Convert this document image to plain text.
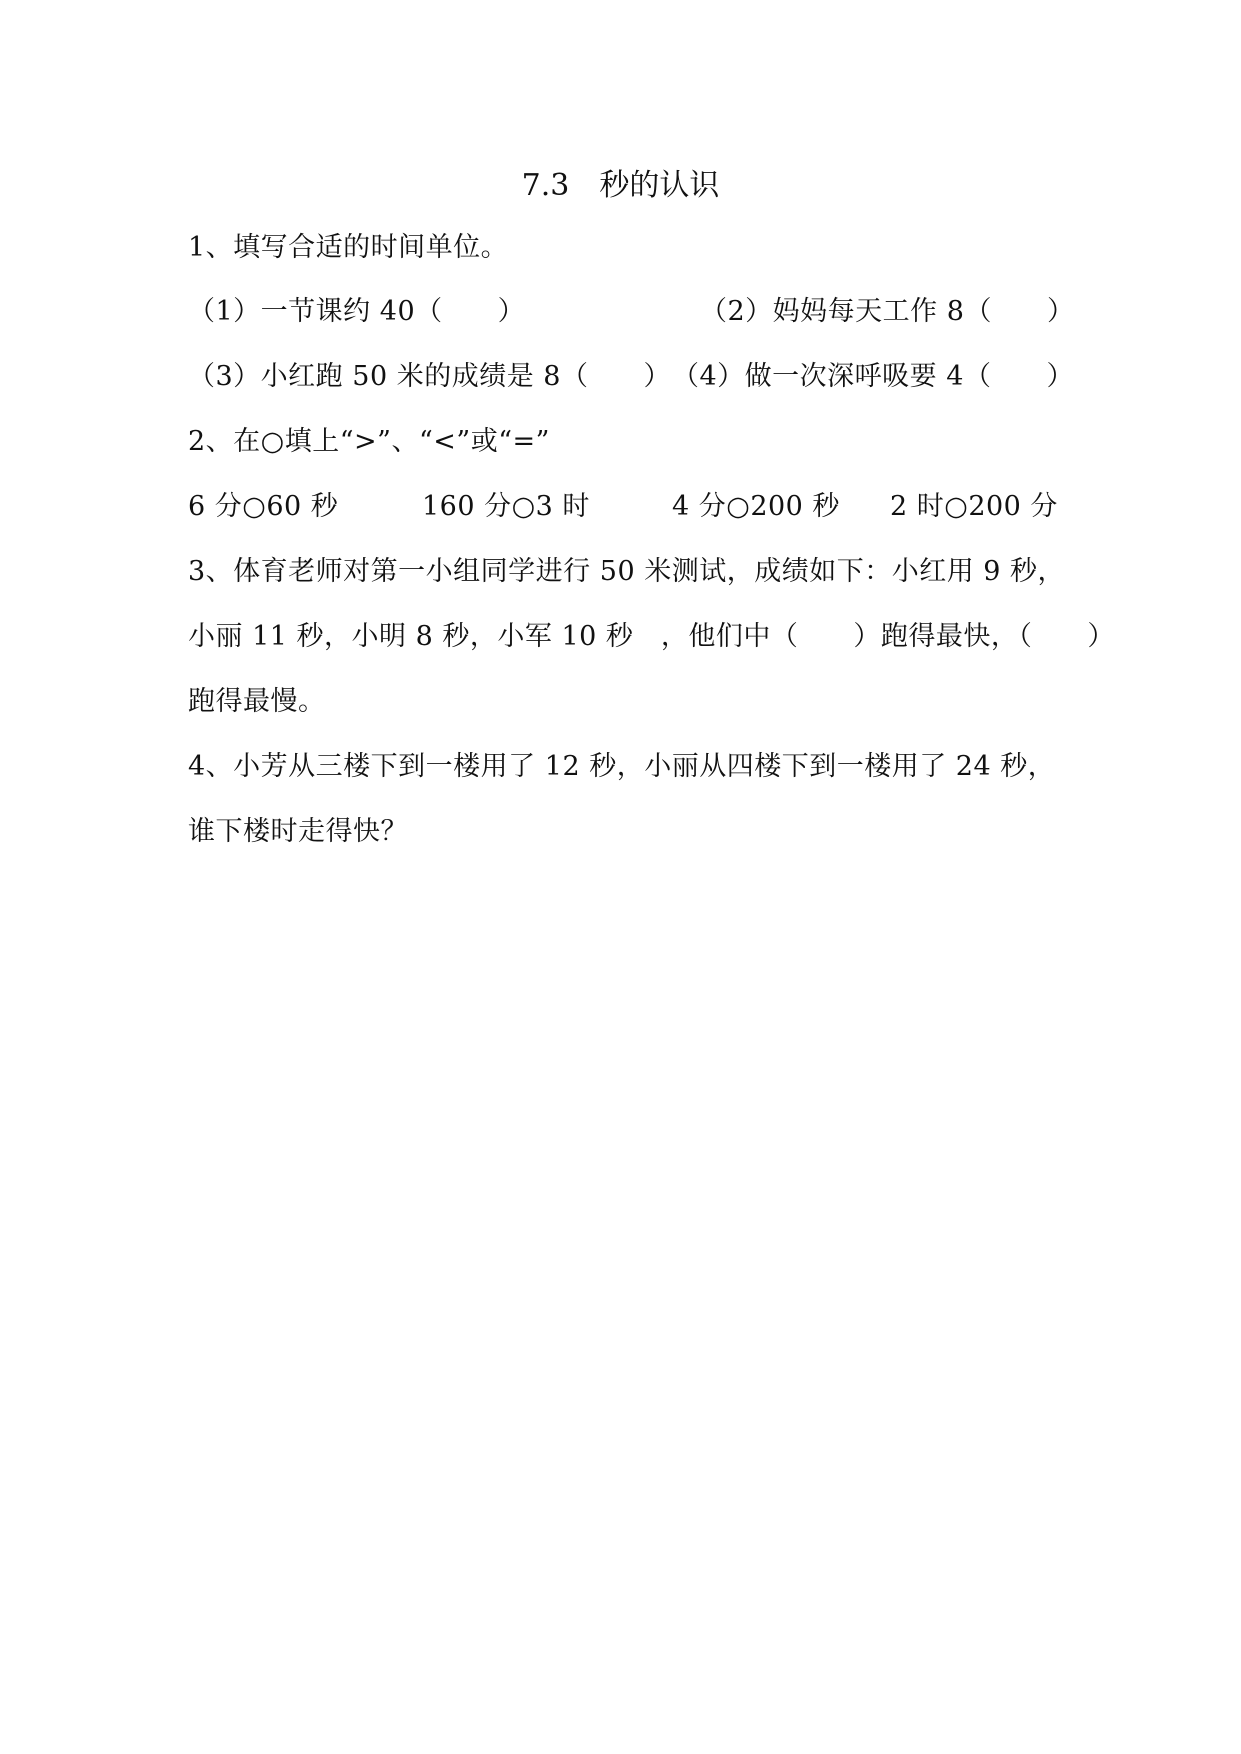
7.3　秒的认识
1、填写合适的时间单位。
（1）一节课约 40（　　）	（2）妈妈每天工作 8（　　）
（3）小红跑 50 米的成绩是 8（　　） （4）做一次深呼吸要 4（　　）
2、在○填上“>”、“<”或“=”
6 分○60 秒	160 分○3 时	4 分○200 秒 2 时○200 分
3、体育老师对第一小组同学进行 50 米测试，成绩如下：小红用 9 秒，
小丽 11 秒，小明 8 秒，小军 10 秒　，他们中（　　）跑得最快，（　　）
跑得最慢。
4、小芳从三楼下到一楼用了 12 秒，小丽从四楼下到一楼用了 24 秒，
谁下楼时走得快？
